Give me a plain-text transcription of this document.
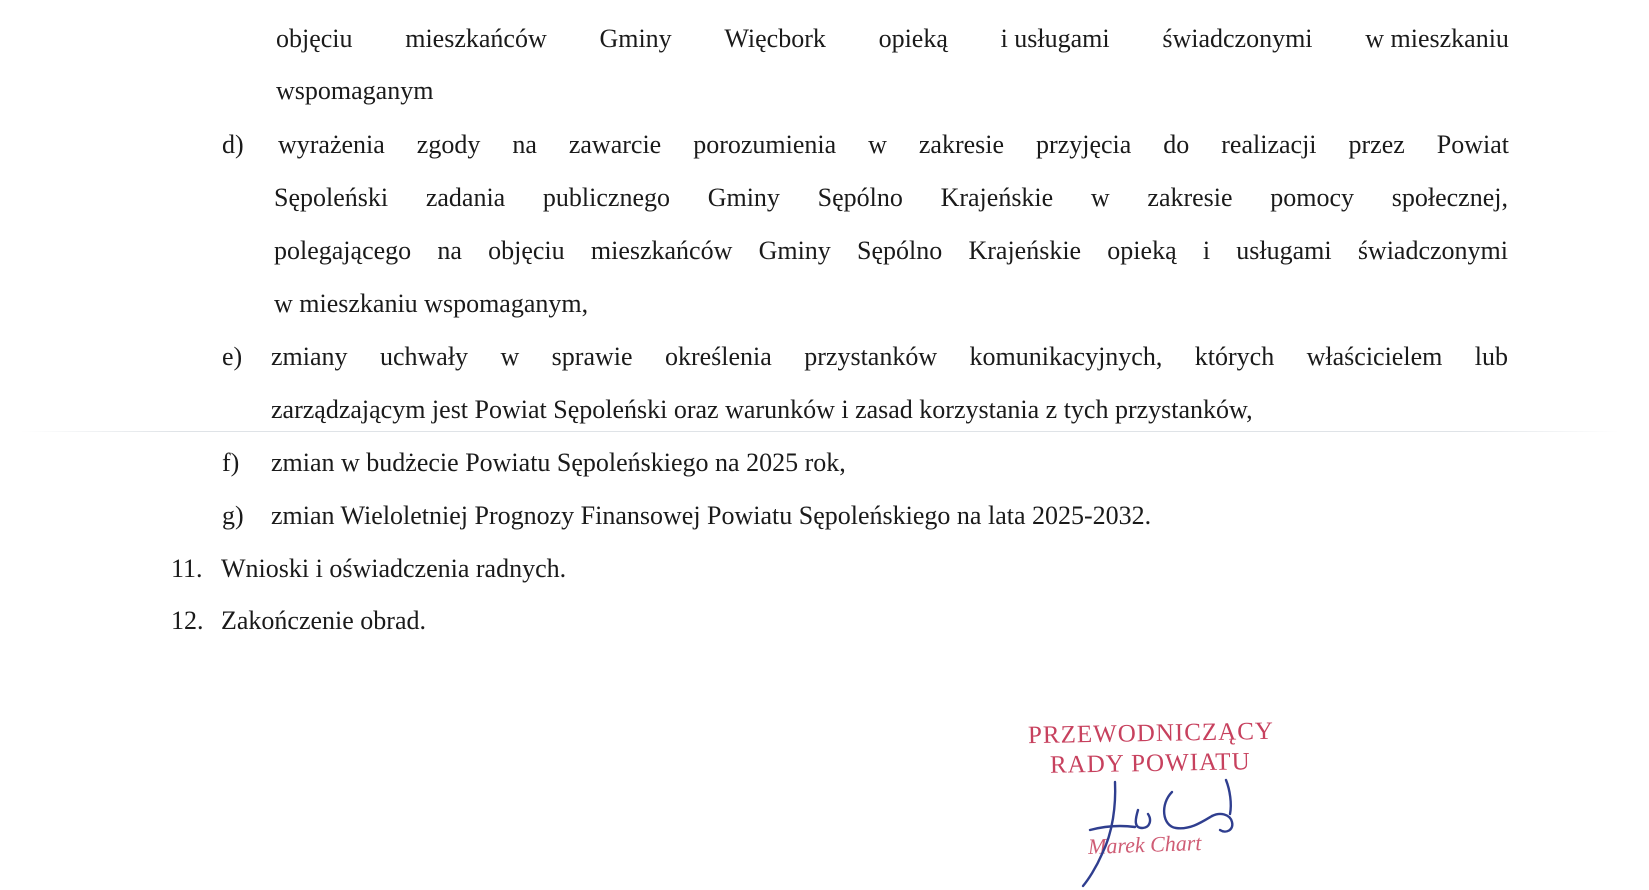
objęciu mieszkańców Gminy Więcbork opieką i usługami świadczonymi w mieszkaniu
wspomaganym
d) wyrażenia zgody na zawarcie porozumienia w zakresie przyjęcia do realizacji przez Powiat
Sępoleński zadania publicznego Gminy Sępólno Krajeńskie w zakresie pomocy społecznej,
polegającego na objęciu mieszkańców Gminy Sępólno Krajeńskie opieką i usługami świadczonymi
w mieszkaniu wspomaganym,
e) zmiany uchwały w sprawie określenia przystanków komunikacyjnych, których właścicielem lub
zarządzającym jest Powiat Sępoleński oraz warunków i zasad korzystania z tych przystanków,
f) zmian w budżecie Powiatu Sępoleńskiego na 2025 rok,
g) zmian Wieloletniej Prognozy Finansowej Powiatu Sępoleńskiego na lata 2025-2032.
11. Wnioski i oświadczenia radnych.
12. Zakończenie obrad.
PRZEWODNICZĄCY
RADY POWIATU
Marek Chart
